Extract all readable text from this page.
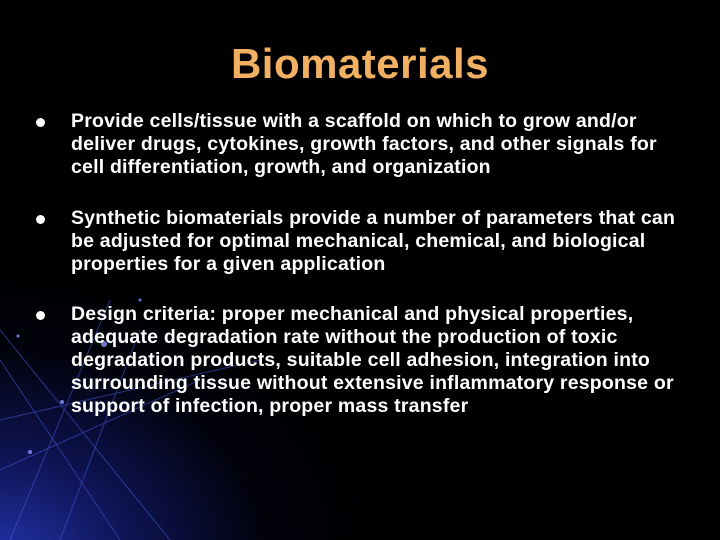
Biomaterials
Provide cells/tissue with a scaffold on which to grow and/or deliver drugs, cytokines, growth factors, and other signals for cell differentiation, growth, and organization
Synthetic biomaterials provide a number of parameters that can be adjusted for optimal mechanical, chemical, and biological properties for a given application
Design criteria: proper mechanical and physical properties, adequate degradation rate without the production of toxic degradation products, suitable cell adhesion, integration into surrounding tissue without extensive inflammatory response or support of infection, proper mass transfer
